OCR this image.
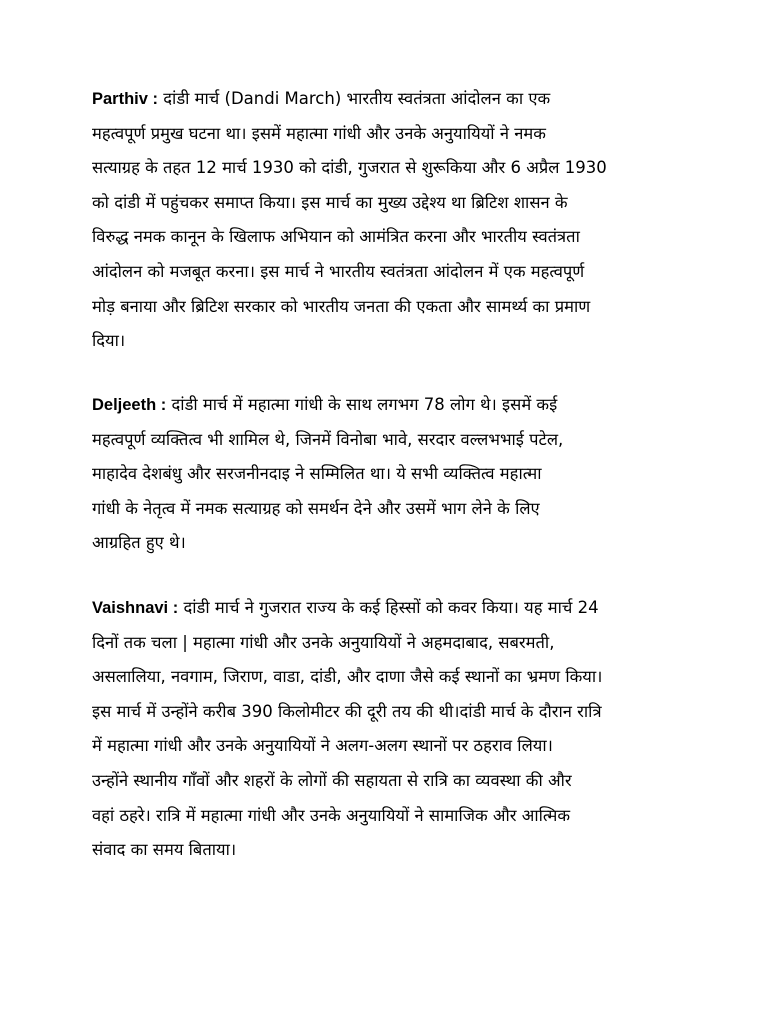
Parthiv : दांडी मार्च (Dandi March) भारतीय स्वतंत्रता आंदोलन का एक
महत्वपूर्ण प्रमुख घटना था। इसमें महात्मा गांधी और उनके अनुयायियों ने नमक
सत्याग्रह के तहत 12 मार्च 1930 को दांडी, गुजरात से शुरूकिया और 6 अप्रैल 1930
को दांडी में पहुंचकर समाप्त किया। इस मार्च का मुख्य उद्देश्य था ब्रिटिश शासन के
विरुद्ध नमक कानून के खिलाफ अभियान को आमंत्रित करना और भारतीय स्वतंत्रता
आंदोलन को मजबूत करना। इस मार्च ने भारतीय स्वतंत्रता आंदोलन में एक महत्वपूर्ण
मोड़ बनाया और ब्रिटिश सरकार को भारतीय जनता की एकता और सामर्थ्य का प्रमाण
दिया।

Deljeeth : दांडी मार्च में महात्मा गांधी के साथ लगभग 78 लोग थे। इसमें कई
महत्वपूर्ण व्यक्तित्व भी शामिल थे, जिनमें विनोबा भावे, सरदार वल्लभभाई पटेल,
माहादेव देशबंधु और सरजनीनदाइ ने सम्मिलित था। ये सभी व्यक्तित्व महात्मा
गांधी के नेतृत्व में नमक सत्याग्रह को समर्थन देने और उसमें भाग लेने के लिए
आग्रहित हुए थे।

Vaishnavi : दांडी मार्च ने गुजरात राज्य के कई हिस्सों को कवर किया। यह मार्च 24
दिनों तक चला | महात्मा गांधी और उनके अनुयायियों ने अहमदाबाद, सबरमती,
असलालिया, नवगाम, जिराण, वाडा, दांडी, और दाणा जैसे कई स्थानों का भ्रमण किया।
इस मार्च में उन्होंने करीब 390 किलोमीटर की दूरी तय की थी।दांडी मार्च के दौरान रात्रि
में महात्मा गांधी और उनके अनुयायियों ने अलग-अलग स्थानों पर ठहराव लिया।
उन्होंने स्थानीय गाँवों और शहरों के लोगों की सहायता से रात्रि का व्यवस्था की और
वहां ठहरे। रात्रि में महात्मा गांधी और उनके अनुयायियों ने सामाजिक और आत्मिक
संवाद का समय बिताया।
